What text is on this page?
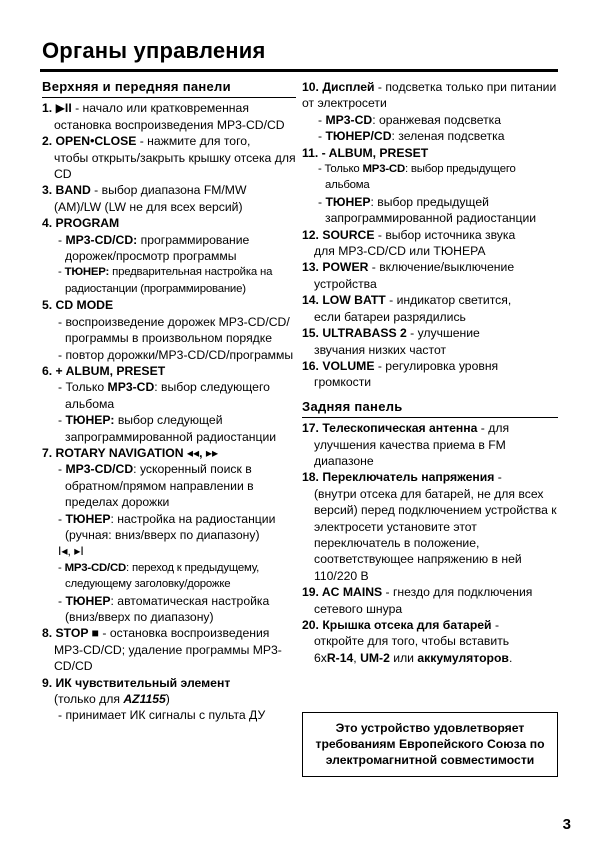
Органы управления
Верхняя и передняя панели
1. ▶II - начало или кратковременная
остановка воспроизведения MP3-CD/CD
2. OPEN•CLOSE - нажмите для того,
чтобы открыть/закрыть крышку отсека для CD
3. BAND - выбор диапазона FM/MW
(AM)/LW (LW не для всех версий)
4. PROGRAM
- MP3-CD/CD: программирование дорожек/просмотр программы
- ТЮНЕР: предварительная настройка на радиостанции (программирование)
5. CD MODE
- воспроизведение дорожек MP3-CD/CD/программы в произвольном порядке
- повтор дорожки/MP3-CD/CD/программы
6. + ALBUM, PRESET
- Только MP3-CD: выбор следующего альбома
- ТЮНЕР: выбор следующей запрограммированной радиостанции
7. ROTARY NAVIGATION ◂◂, ▸▸
- MP3-CD/CD: ускоренный поиск в обратном/прямом направлении в пределах дорожки
- ТЮНЕР: настройка на радиостанции (ручная: вниз/вверх по диапазону)
I◂, ▸I
- MP3-CD/CD: переход к предыдущему, следующему заголовку/дорожке
- ТЮНЕР: автоматическая настройка (вниз/вверх по диапазону)
8. STOP ■ - остановка воспроизведения
MP3-CD/CD; удаление программы MP3-CD/CD
9. ИК чувствительный элемент
(только для AZ1155)
- принимает ИК сигналы с пульта ДУ
10. Дисплей - подсветка только при питании от электросети
- MP3-CD: оранжевая подсветка
- ТЮНЕР/CD: зеленая подсветка
11. - ALBUM, PRESET
- Только MP3-CD: выбор предыдущего альбома
- ТЮНЕР: выбор предыдущей запрограммированной радиостанции
12. SOURCE - выбор источника звука
для MP3-CD/CD или ТЮНЕРА
13. POWER - включение/выключение
устройства
14. LOW BATT - индикатор светится,
если батареи разрядились
15. ULTRABASS 2 - улучшение
звучания низких частот
16. VOLUME - регулировка уровня
громкости
Задняя панель
17. Телескопическая антенна - для
улучшения качества приема в FM диапазоне
18. Переключатель напряжения -
(внутри отсека для батарей, не для всех версий) перед подключением устройства к электросети установите этот переключатель в положение, соответствующее напряжению в ней 110/220 В
19. AC MAINS - гнездо для подключения
сетевого шнура
20. Крышка отсека для батарей -
откройте для того, чтобы вставить
6xR-14, UM-2 или аккумуляторов.
Это устройство удовлетворяет требованиям Европейского Союза по электромагнитной совместимости
3
